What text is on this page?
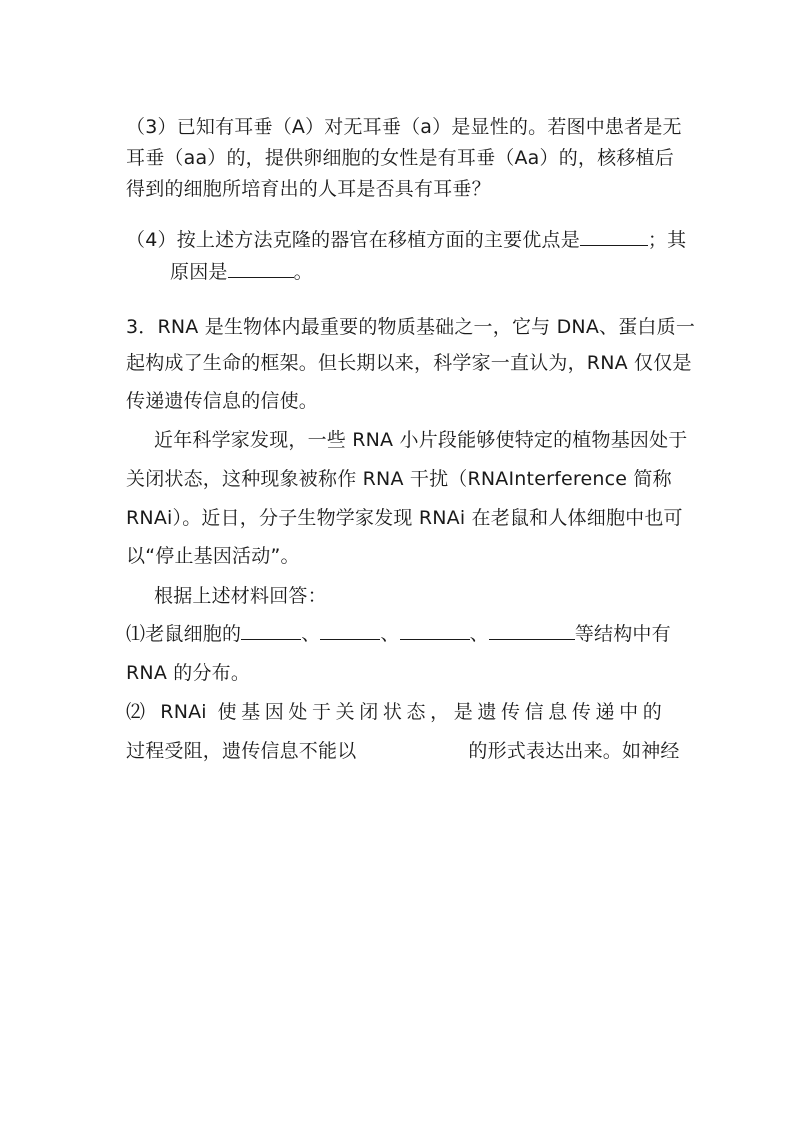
（3）已知有耳垂（A）对无耳垂（a）是显性的。若图中患者是无
耳垂（aa）的，提供卵细胞的女性是有耳垂（Aa）的，核移植后
得到的细胞所培育出的人耳是否具有耳垂？
（4）按上述方法克隆的器官在移植方面的主要优点是	；其
原因是	。
3．RNA 是生物体内最重要的物质基础之一，它与 DNA、蛋白质一
起构成了生命的框架。但长期以来，科学家一直认为，RNA 仅仅是
传递遗传信息的信使。
近年科学家发现，一些 RNA 小片段能够使特定的植物基因处于
关闭状态，这种现象被称作 RNA 干扰（RNAInterference 简称
RNAi）。近日，分子生物学家发现 RNAi 在老鼠和人体细胞中也可
以“停止基因活动”。
根据上述材料回答：
⑴老鼠细胞的	、	、	、	等结构中有
RNA 的分布。
⑵ RNAi 使基因处于关闭状态，是遗传信息传递中的
过程受阻，遗传信息不能以	的形式表达出来。如神经
